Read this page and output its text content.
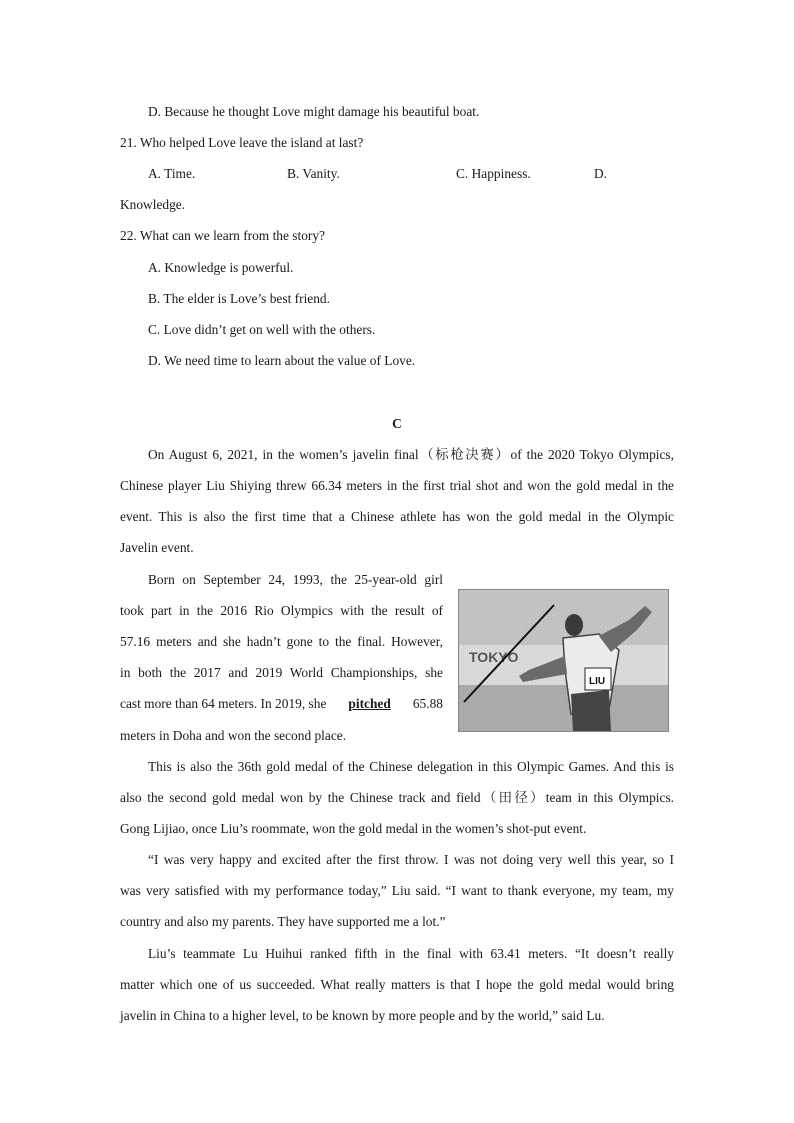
D. Because he thought Love might damage his beautiful boat.
21. Who helped Love leave the island at last?
A. Time.	B. Vanity.	C. Happiness.	D.
Knowledge.
22. What can we learn from the story?
A. Knowledge is powerful.
B. The elder is Love’s best friend.
C. Love didn’t get on well with the others.
D. We need time to learn about the value of Love.
C
On August 6, 2021, in the women’s javelin final（标枪决赛）of the 2020 Tokyo Olympics,
Chinese player Liu Shiying threw 66.34 meters in the first trial shot and won the gold medal in the
event. This is also the first time that a Chinese athlete has won the gold medal in the Olympic
Javelin event.
Born on September 24, 1993, the 25-year-old girl
took part in the 2016 Rio Olympics with the result of
57.16 meters and she hadn’t gone to the final. However,
in both the 2017 and 2019 World Championships, she
cast more than 64 meters. In 2019, she pitched 65.88
meters in Doha and won the second place.
TOKYO
LIU
This is also the 36th gold medal of the Chinese delegation in this Olympic Games. And this is
also the second gold medal won by the Chinese track and field（田径）team in this Olympics.
Gong Lijiao, once Liu’s roommate, won the gold medal in the women’s shot-put event.
“I was very happy and excited after the first throw. I was not doing very well this year, so I
was very satisfied with my performance today,” Liu said. “I want to thank everyone, my team, my
country and also my parents. They have supported me a lot.”
Liu’s teammate Lu Huihui ranked fifth in the final with 63.41 meters. “It doesn’t really
matter which one of us succeeded. What really matters is that I hope the gold medal would bring
javelin in China to a higher level, to be known by more people and by the world,” said Lu.
